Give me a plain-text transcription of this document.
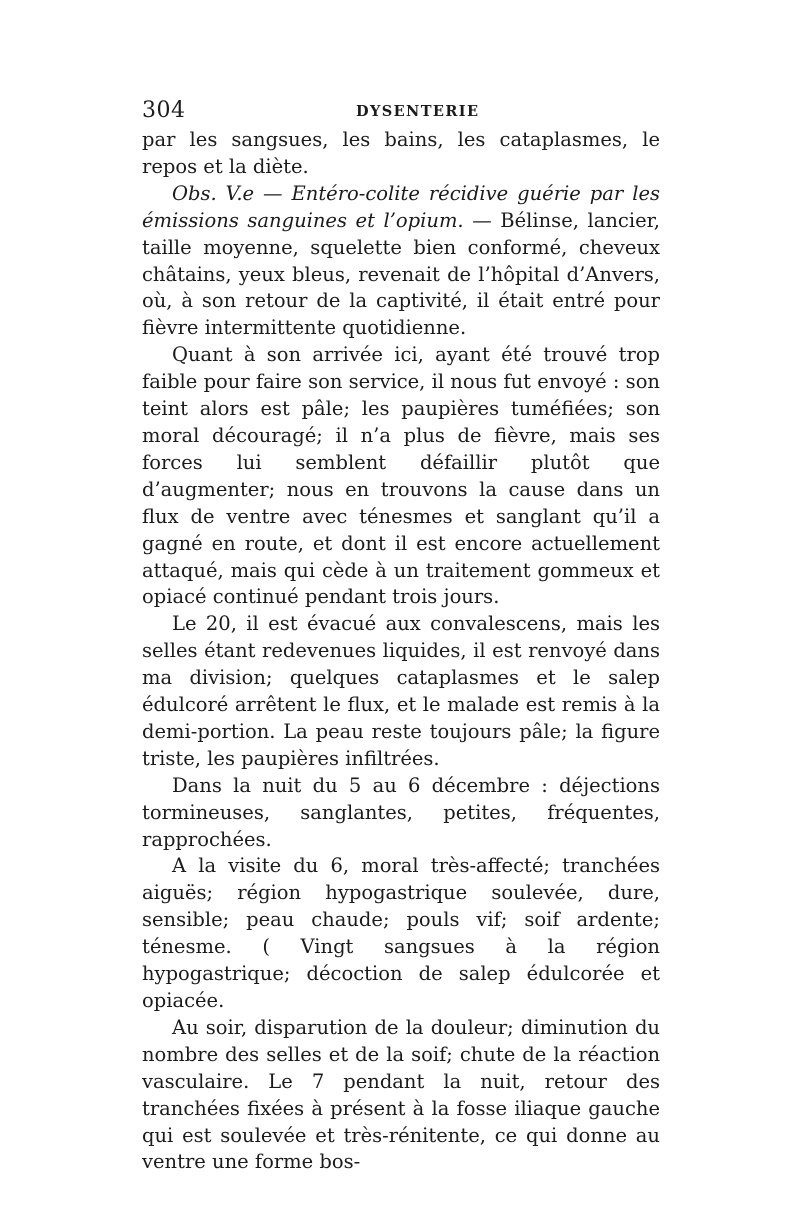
304	DYSENTERIE

par les sangsues, les bains, les cataplasmes, le repos et la diète.

Obs. V.e — Entéro-colite récidive guérie par les émissions sanguines et l’opium. — Bélinse, lancier, taille moyenne, squelette bien conformé, cheveux châtains, yeux bleus, revenait de l’hôpital d’Anvers, où, à son retour de la captivité, il était entré pour fièvre intermittente quotidienne.

Quant à son arrivée ici, ayant été trouvé trop faible pour faire son service, il nous fut envoyé : son teint alors est pâle; les paupières tuméfiées; son moral découragé; il n’a plus de fièvre, mais ses forces lui semblent défaillir plutôt que d’augmenter; nous en trouvons la cause dans un flux de ventre avec ténesmes et sanglant qu’il a gagné en route, et dont il est encore actuellement attaqué, mais qui cède à un traitement gommeux et opiacé continué pendant trois jours.

Le 20, il est évacué aux convalescens, mais les selles étant redevenues liquides, il est renvoyé dans ma division; quelques cataplasmes et le salep édulcoré arrêtent le flux, et le malade est remis à la demi-portion. La peau reste toujours pâle; la figure triste, les paupières infiltrées.

Dans la nuit du 5 au 6 décembre : déjections tormineuses, sanglantes, petites, fréquentes, rapprochées.

A la visite du 6, moral très-affecté; tranchées aiguës; région hypogastrique soulevée, dure, sensible; peau chaude; pouls vif; soif ardente; ténesme. ( Vingt sangsues à la région hypogastrique; décoction de salep édulcorée et opiacée.

Au soir, disparution de la douleur; diminution du nombre des selles et de la soif; chute de la réaction vasculaire. Le 7 pendant la nuit, retour des tranchées fixées à présent à la fosse iliaque gauche qui est soulevée et très-rénitente, ce qui donne au ventre une forme bos-
